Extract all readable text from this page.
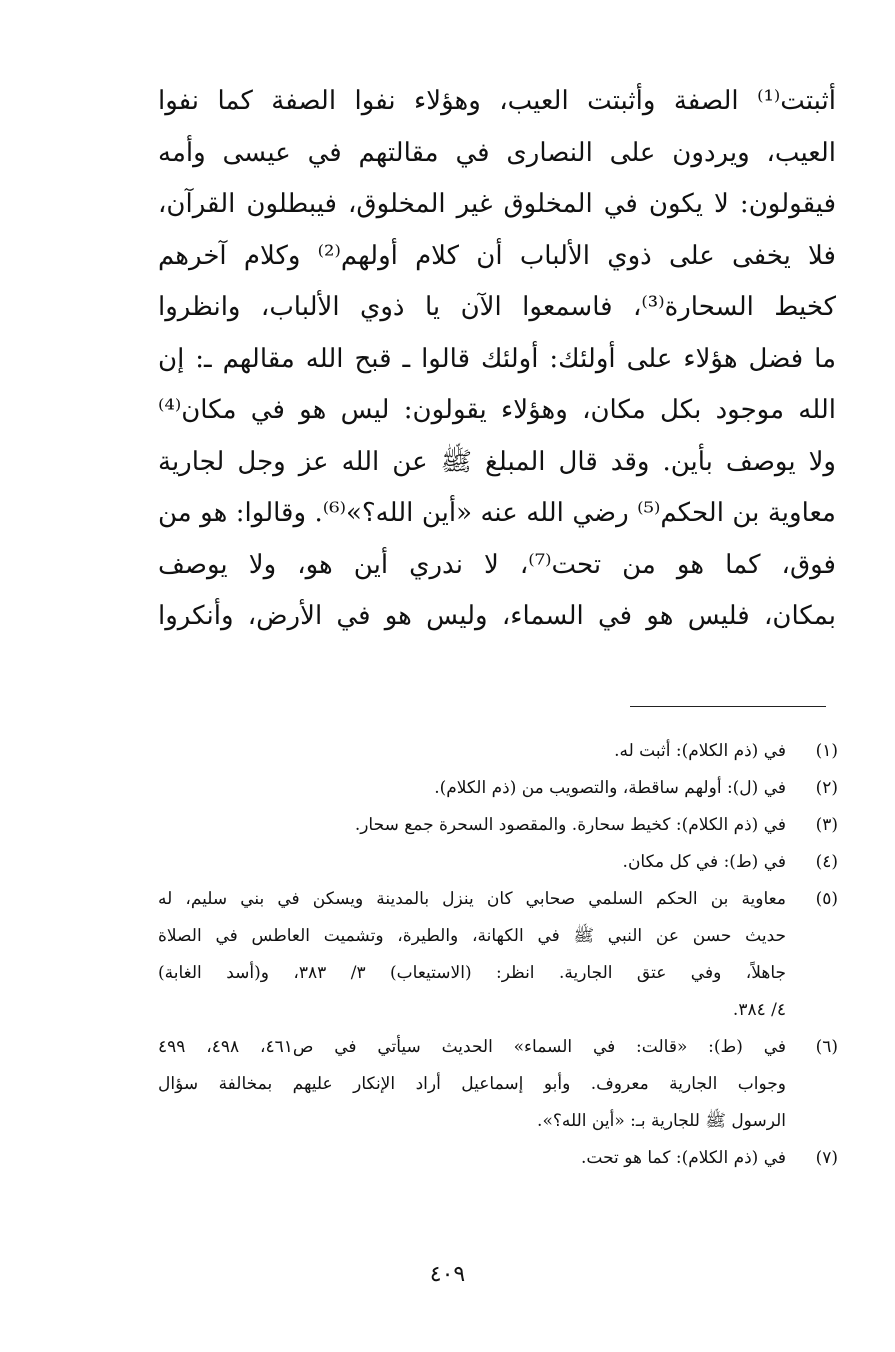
أثبتت⁽¹⁾ الصفة وأثبتت العيب، وهؤلاء نفوا الصفة كما نفوا
العيب، ويردون على النصارى في مقالتهم في عيسى وأمه
فيقولون: لا يكون في المخلوق غير المخلوق، فيبطلون القرآن،
فلا يخفى على ذوي الألباب أن كلام أولهم⁽²⁾ وكلام آخرهم
كخيط السحارة⁽³⁾، فاسمعوا الآن يا ذوي الألباب، وانظروا
ما فضل هؤلاء على أولئك: أولئك قالوا ـ قبح الله مقالهم ـ: إن
الله موجود بكل مكان، وهؤلاء يقولون: ليس هو في مكان⁽⁴⁾
ولا يوصف بأين. وقد قال المبلغ ﷺ عن الله عز وجل لجارية
معاوية بن الحكم⁽⁵⁾ رضي الله عنه «أين الله؟»⁽⁶⁾. وقالوا: هو من
فوق، كما هو من تحت⁽⁷⁾، لا ندري أين هو، ولا يوصف
بمكان، فليس هو في السماء، وليس هو في الأرض، وأنكروا
(١)
في (ذم الكلام): أثبت له.
(٢)
في (ل): أولهم ساقطة، والتصويب من (ذم الكلام).
(٣)
في (ذم الكلام): كخيط سحارة. والمقصود السحرة جمع سحار.
(٤)
في (ط): في كل مكان.
(٥)
معاوية بن الحكم السلمي صحابي كان ينزل بالمدينة ويسكن في بني سليم، له
حديث حسن عن النبي ﷺ في الكهانة، والطيرة، وتشميت العاطس في الصلاة
جاهلاً، وفي عتق الجارية. انظر: (الاستيعاب) ٣/ ٣٨٣، و(أسد الغابة)
٤/ ٣٨٤.
(٦)
في (ط): «قالت: في السماء» الحديث سيأتي في ص٤٦١، ٤٩٨، ٤٩٩
وجواب الجارية معروف. وأبو إسماعيل أراد الإنكار عليهم بمخالفة سؤال
الرسول ﷺ للجارية بـ: «أين الله؟».
(٧)
في (ذم الكلام): كما هو تحت.
٤٠٩
